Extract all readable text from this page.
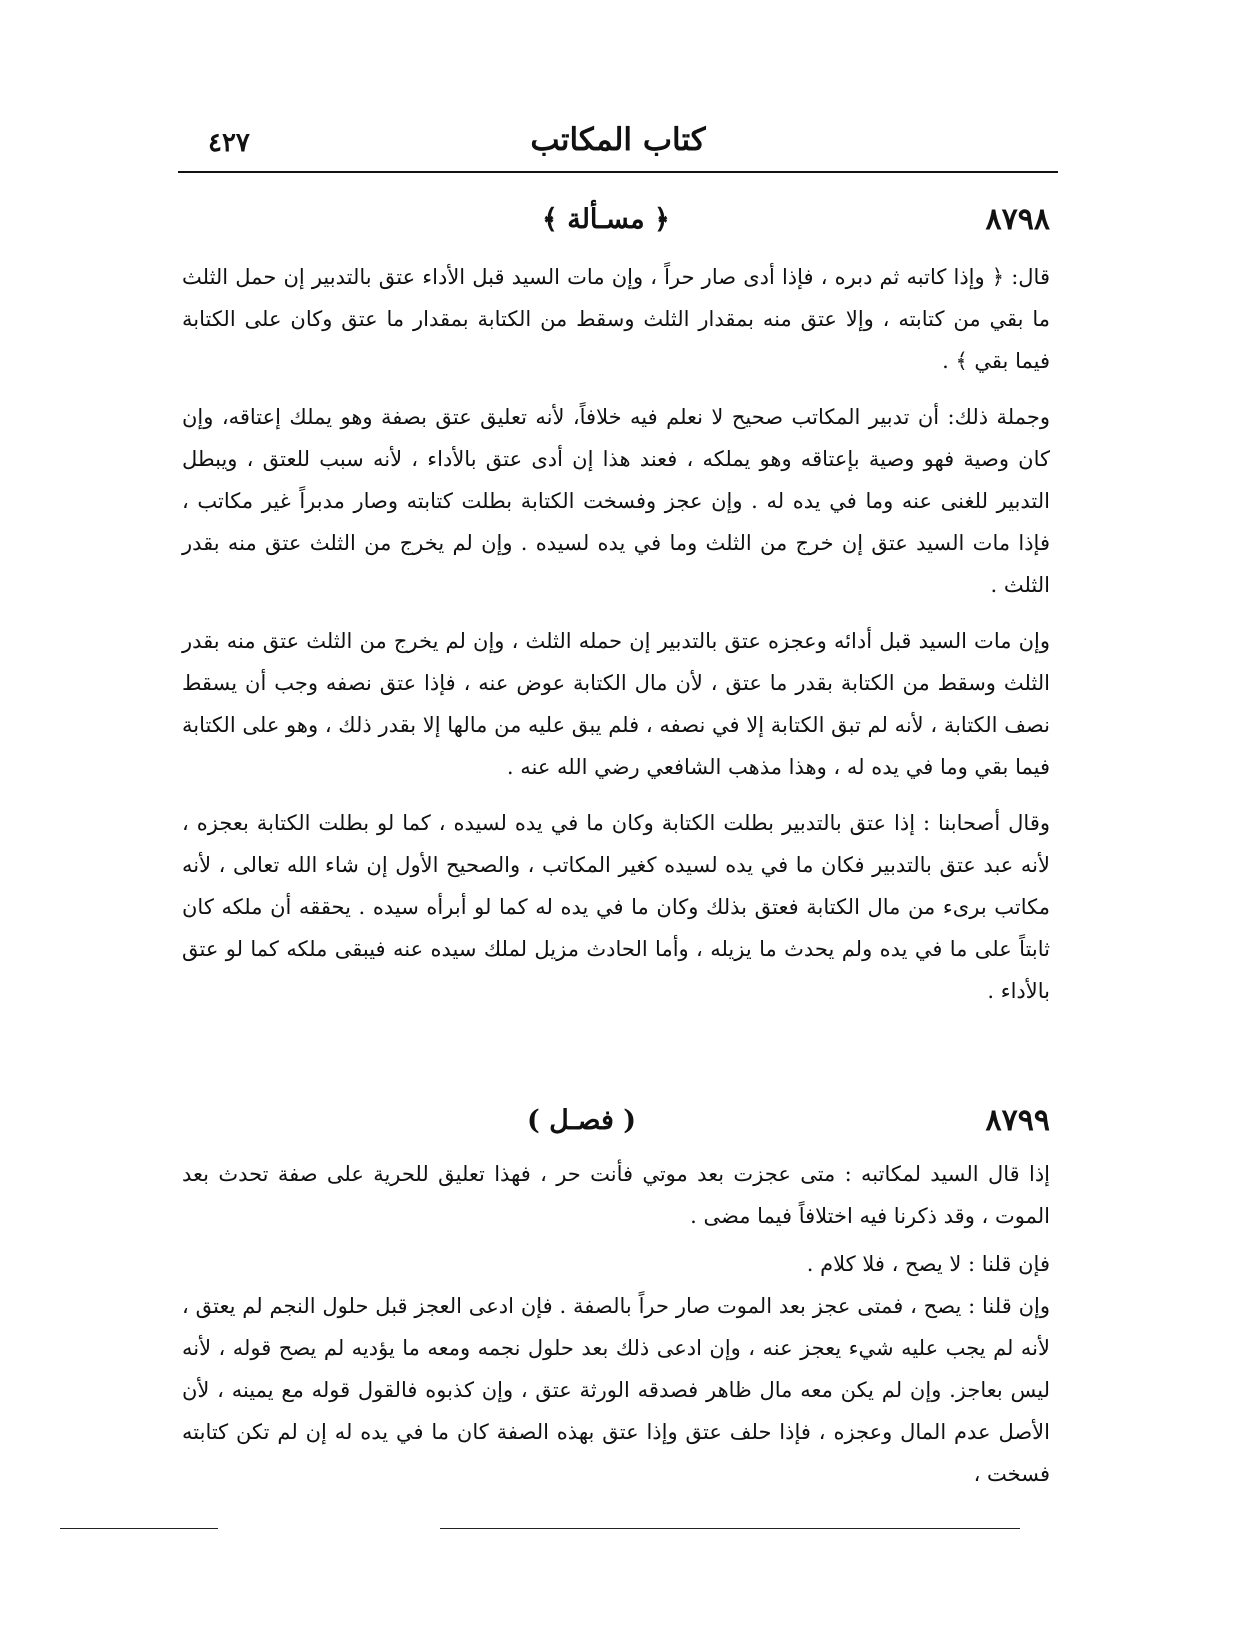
٤٢٧	كتاب المكاتب
٨٧٩٨
﴿ مسـألة ﴾

قال: ﴿ وإذا كاتبه ثم دبره ، فإذا أدى صار حراً ، وإن مات السيد قبل الأداء عتق بالتدبير إن حمل الثلث ما بقي من كتابته ، وإلا عتق منه بمقدار الثلث وسقط من الكتابة بمقدار ما عتق وكان على الكتابة فيما بقي ﴾ .

وجملة ذلك: أن تدبير المكاتب صحيح لا نعلم فيه خلافاً، لأنه تعليق عتق بصفة وهو يملك إعتاقه، وإن كان وصية فهو وصية بإعتاقه وهو يملكه ، فعند هذا إن أدى عتق بالأداء ، لأنه سبب للعتق ، ويبطل التدبير للغنى عنه وما في يده له . وإن عجز وفسخت الكتابة بطلت كتابته وصار مدبراً غير مكاتب ، فإذا مات السيد عتق إن خرج من الثلث وما في يده لسيده . وإن لم يخرج من الثلث عتق منه بقدر الثلث .

وإن مات السيد قبل أدائه وعجزه عتق بالتدبير إن حمله الثلث ، وإن لم يخرج من الثلث عتق منه بقدر الثلث وسقط من الكتابة بقدر ما عتق ، لأن مال الكتابة عوض عنه ، فإذا عتق نصفه وجب أن يسقط نصف الكتابة ، لأنه لم تبق الكتابة إلا في نصفه ، فلم يبق عليه من مالها إلا بقدر ذلك ، وهو على الكتابة فيما بقي وما في يده له ، وهذا مذهب الشافعي رضي الله عنه .

وقال أصحابنا : إذا عتق بالتدبير بطلت الكتابة وكان ما في يده لسيده ، كما لو بطلت الكتابة بعجزه ، لأنه عبد عتق بالتدبير فكان ما في يده لسيده كغير المكاتب ، والصحيح الأول إن شاء الله تعالى ، لأنه مكاتب برىء من مال الكتابة فعتق بذلك وكان ما في يده له كما لو أبرأه سيده . يحققه أن ملكه كان ثابتاً على ما في يده ولم يحدث ما يزيله ، وأما الحادث مزيل لملك سيده عنه فيبقى ملكه كما لو عتق بالأداء .

٨٧٩٩
( فصـل )

إذا قال السيد لمكاتبه : متى عجزت بعد موتي فأنت حر ، فهذا تعليق للحرية على صفة تحدث بعد الموت ، وقد ذكرنا فيه اختلافاً فيما مضى .

فإن قلنا : لا يصح ، فلا كلام .

وإن قلنا : يصح ، فمتى عجز بعد الموت صار حراً بالصفة . فإن ادعى العجز قبل حلول النجم لم يعتق ، لأنه لم يجب عليه شيء يعجز عنه ، وإن ادعى ذلك بعد حلول نجمه ومعه ما يؤديه لم يصح قوله ، لأنه ليس بعاجز. وإن لم يكن معه مال ظاهر فصدقه الورثة عتق ، وإن كذبوه فالقول قوله مع يمينه ، لأن الأصل عدم المال وعجزه ، فإذا حلف عتق وإذا عتق بهذه الصفة كان ما في يده له إن لم تكن كتابته فسخت ،
